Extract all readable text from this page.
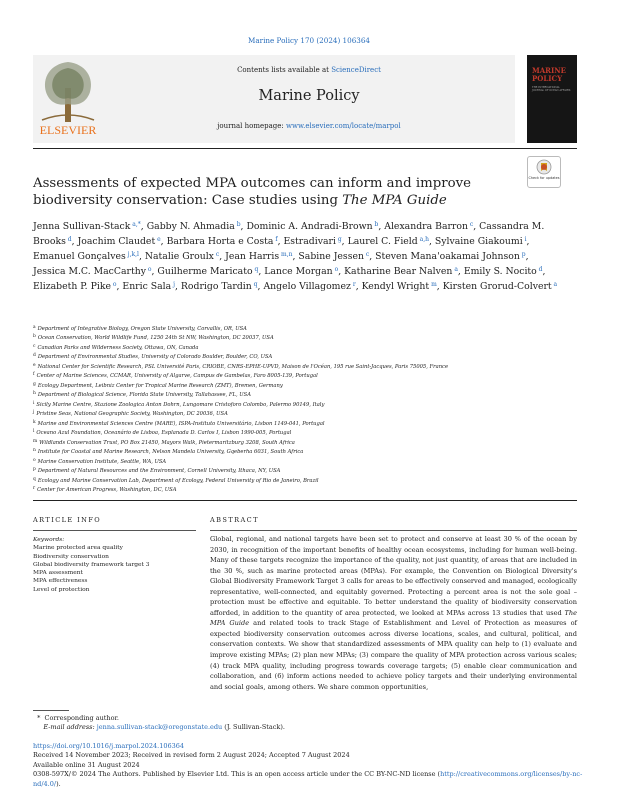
Marine Policy 170 (2024) 106364
ELSEVIER
Contents lists available at ScienceDirect
Marine Policy
journal homepage: www.elsevier.com/locate/marpol
MARINE POLICY
THE INTERNATIONAL JOURNAL OF OCEAN AFFAIRS
Check for updates
Assessments of expected MPA outcomes can inform and improve biodiversity conservation: Case studies using The MPA Guide
Jenna Sullivan-Stack $^{a,*}$, Gabby N. Ahmadia $^b$, Dominic A. Andradi-Brown $^b$, Alexandra Barron $^c$, Cassandra M. Brooks $^d$, Joachim Claudet $^e$, Barbara Horta e Costa $^f$, Estradivari $^g$, Laurel C. Field $^{a,h}$, Sylvaine Giakoumi $^i$, Emanuel Gonçalves $^{j,k,l}$, Natalie Groulx $^c$, Jean Harris $^{m,n}$, Sabine Jessen $^c$, Steven Mana'oakamai Johnson $^p$, Jessica M.C. MacCarthy $^o$, Guilherme Maricato $^q$, Lance Morgan $^o$, Katharine Bear Nalven $^a$, Emily S. Nocito $^d$, Elizabeth P. Pike $^o$, Enric Sala $^j$, Rodrigo Tardin $^q$, Angelo Villagomez $^r$, Kendyl Wright $^m$, Kirsten Grorud-Colvert $^a$
$^a$ Department of Integrative Biology, Oregon State University, Corvallis, OR, USA
$^b$ Ocean Conservation, World Wildlife Fund, 1250 24th St NW, Washington, DC 20037, USA
$^c$ Canadian Parks and Wilderness Society, Ottawa, ON, Canada
$^d$ Department of Environmental Studies, University of Colorado Boulder, Boulder, CO, USA
$^e$ National Center for Scientific Research, PSL Université Paris, CRIOBE, CNRS-EPHE-UPVD, Maison de l'Océan, 195 rue Saint-Jacques, Paris 75005, France
$^f$ Center of Marine Sciences, CCMAR, University of Algarve, Campus de Gambelas, Faro 8005-139, Portugal
$^g$ Ecology Department, Leibniz Center for Tropical Marine Research (ZMT), Bremen, Germany
$^h$ Department of Biological Science, Florida State University, Tallahassee, FL, USA
$^i$ Sicily Marine Centre, Stazione Zoologica Anton Dohrn, Lungomare Cristoforo Colombo, Palermo 90149, Italy
$^j$ Pristine Seas, National Geographic Society, Washington, DC 20036, USA
$^k$ Marine and Environmental Sciences Centre (MARE), ISPA-Instituto Universitário, Lisbon 1149-041, Portugal
$^l$ Oceano Azul Foundation, Oceanário de Lisboa, Esplanada D. Carlos I, Lisbon 1990-005, Portugal
$^m$ Wildlands Conservation Trust, PO Box 21450, Mayors Walk, Pietermaritzburg 3208, South Africa
$^n$ Institute for Coastal and Marine Research, Nelson Mandela University, Gqeberha 6031, South Africa
$^o$ Marine Conservation Institute, Seattle, WA, USA
$^p$ Department of Natural Resources and the Environment, Cornell University, Ithaca, NY, USA
$^q$ Ecology and Marine Conservation Lab, Department of Ecology, Federal University of Rio de Janeiro, Brazil
$^r$ Center for American Progress, Washington, DC, USA
ARTICLE INFO
Keywords:
Marine protected area quality
Biodiversity conservation
Global biodiversity framework target 3
MPA assessment
MPA effectiveness
Level of protection
ABSTRACT
Global, regional, and national targets have been set to protect and conserve at least 30 % of the ocean by 2030, in recognition of the important benefits of healthy ocean ecosystems, including for human well-being. Many of these targets recognize the importance of the quality, not just quantity, of areas that are included in the 30 %, such as marine protected areas (MPAs). For example, the Convention on Biological Diversity's Global Biodiversity Framework Target 3 calls for areas to be effectively conserved and managed, ecologically representative, well-connected, and equitably governed. Protecting a percent area is not the sole goal – protection must be effective and equitable. To better understand the quality of biodiversity conservation afforded, in addition to the quantity of area protected, we looked at MPAs across 13 studies that used The MPA Guide and related tools to track Stage of Establishment and Level of Protection as measures of expected biodiversity conservation outcomes across diverse locations, scales, and cultural, political, and conservation contexts. We show that standardized assessments of MPA quality can help to (1) evaluate and improve existing MPAs; (2) plan new MPAs; (3) compare the quality of MPA protection across various scales; (4) track MPA quality, including progress towards coverage targets; (5) enable clear communication and collaboration, and (6) inform actions needed to achieve policy targets and their underlying environmental and social goals, among others. We share common opportunities,
* Corresponding author.
E-mail address: jenna.sullivan-stack@oregonstate.edu (J. Sullivan-Stack).
https://doi.org/10.1016/j.marpol.2024.106364
Received 14 November 2023; Received in revised form 2 August 2024; Accepted 7 August 2024
Available online 31 August 2024
0308-597X/© 2024 The Authors. Published by Elsevier Ltd. This is an open access article under the CC BY-NC-ND license (http://creativecommons.org/licenses/by-nc-nd/4.0/).
